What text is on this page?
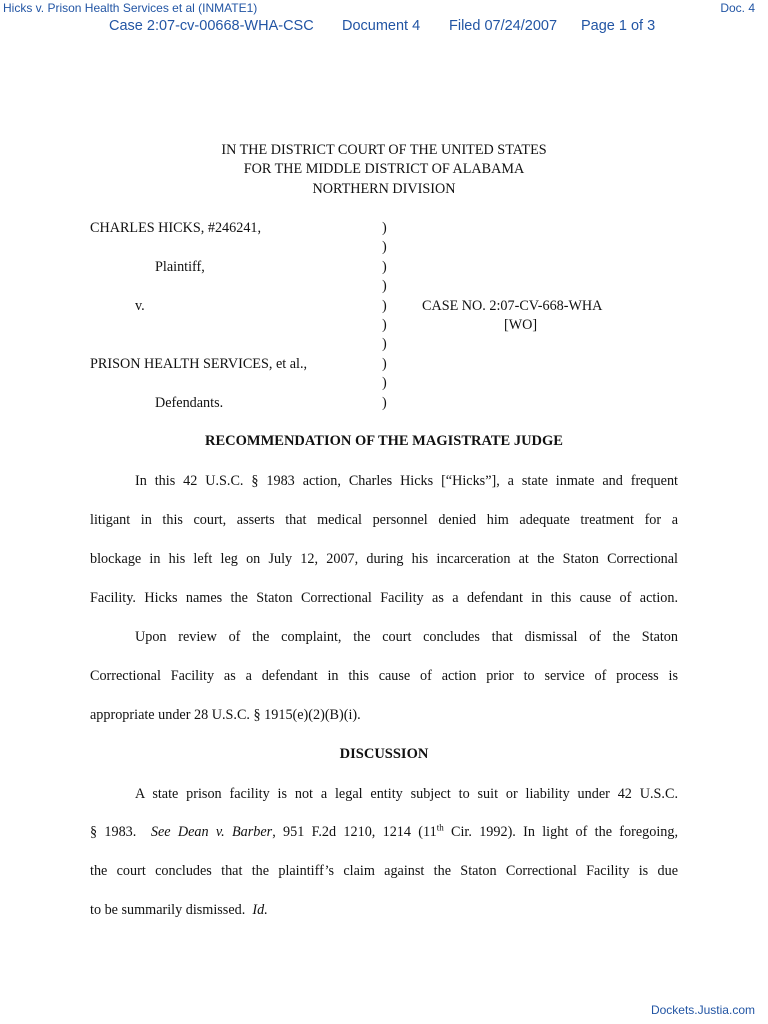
Hicks v. Prison Health Services et al (INMATE1)	Doc. 4
Case 2:07-cv-00668-WHA-CSC Document 4 Filed 07/24/2007 Page 1 of 3
IN THE DISTRICT COURT OF THE UNITED STATES
FOR THE MIDDLE DISTRICT OF ALABAMA
NORTHERN DIVISION
CHARLES HICKS, #246241,
Plaintiff,
v.
PRISON HEALTH SERVICES, et al.,
Defendants.
)
)
)
)
)
)
)
)
)
)
CASE NO. 2:07-CV-668-WHA
[WO]
RECOMMENDATION OF THE MAGISTRATE JUDGE
In this 42 U.S.C. § 1983 action, Charles Hicks [“Hicks”], a state inmate and frequent
litigant in this court, asserts that medical personnel denied him adequate treatment for a
blockage in his left leg on July 12, 2007, during his incarceration at the Staton Correctional
Facility. Hicks names the Staton Correctional Facility as a defendant in this cause of action.
Upon review of the complaint, the court concludes that dismissal of the Staton
Correctional Facility as a defendant in this cause of action prior to service of process is
appropriate under 28 U.S.C. § 1915(e)(2)(B)(i).
DISCUSSION
A state prison facility is not a legal entity subject to suit or liability under 42 U.S.C.
§ 1983. See Dean v. Barber, 951 F.2d 1210, 1214 (11th Cir. 1992). In light of the foregoing,
the court concludes that the plaintiff’s claim against the Staton Correctional Facility is due
to be summarily dismissed. Id.
Dockets.Justia.com
